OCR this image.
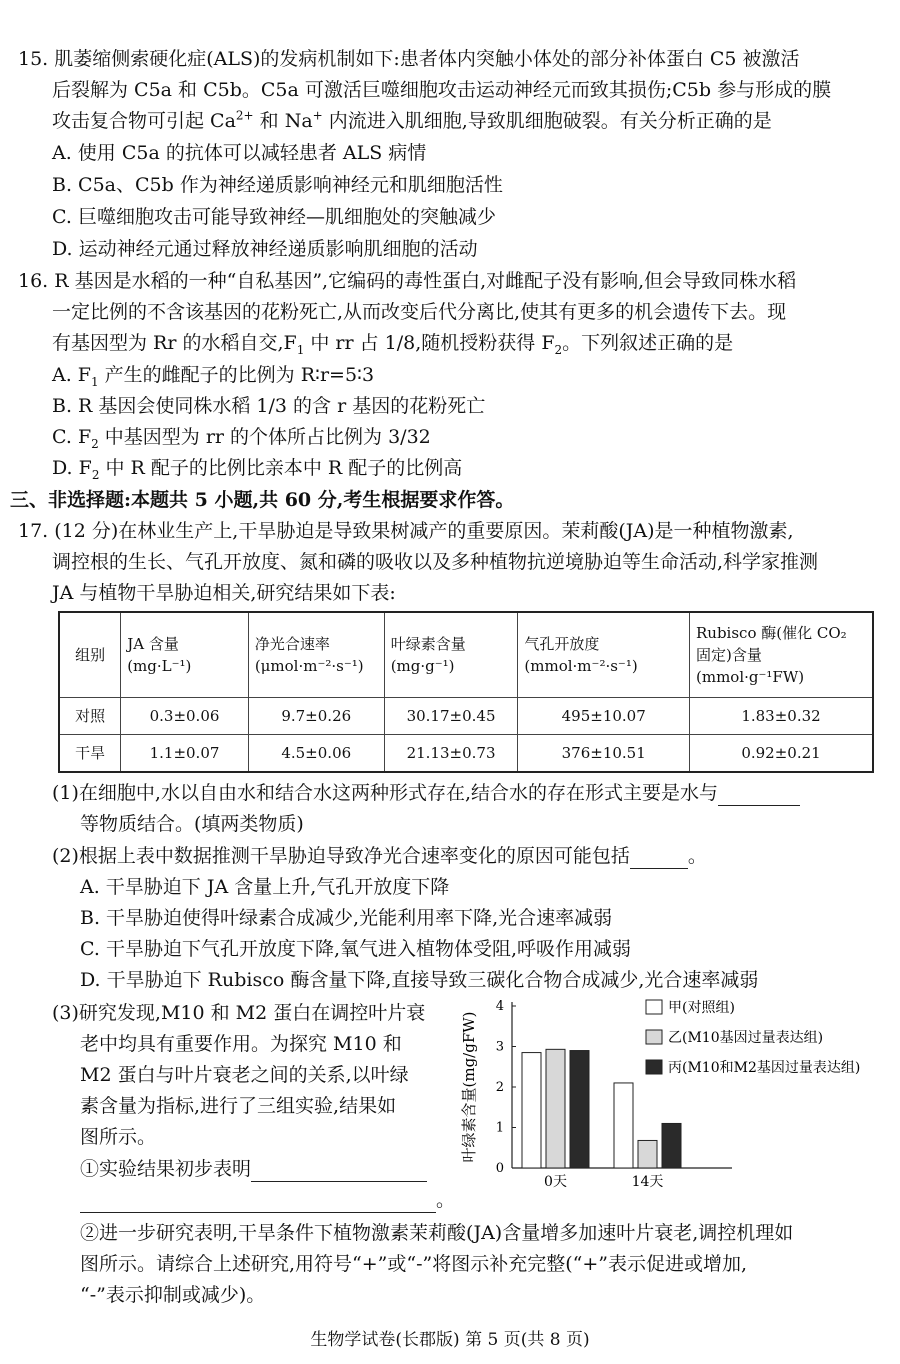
15. 肌萎缩侧索硬化症(ALS)的发病机制如下:患者体内突触小体处的部分补体蛋白 C5 被激活
后裂解为 C5a 和 C5b。C5a 可激活巨噬细胞攻击运动神经元而致其损伤;C5b 参与形成的膜
攻击复合物可引起 $Ca^{2+}$ 和 Na+ 内流进入肌细胞,导致肌细胞破裂。有关分析正确的是
A. 使用 C5a 的抗体可以减轻患者 ALS 病情
B. C5a、C5b 作为神经递质影响神经元和肌细胞活性
C. 巨噬细胞攻击可能导致神经—肌细胞处的突触减少
D. 运动神经元通过释放神经递质影响肌细胞的活动
16. R 基因是水稻的一种“自私基因”,它编码的毒性蛋白,对雌配子没有影响,但会导致同株水稻
一定比例的不含该基因的花粉死亡,从而改变后代分离比,使其有更多的机会遗传下去。现
有基因型为 Rr 的水稻自交$,F_1$ 中 rr 占 1/8,随机授粉获得 $F_2$。下列叙述正确的是
A. $F_1$ 产生的雌配子的比例为 R∶r=5∶3
B. R 基因会使同株水稻 1/3 的含 r 基因的花粉死亡
C. $F_2$ 中基因型为 rr 的个体所占比例为 3/32
D. $F_2$ 中 R 配子的比例比亲本中 R 配子的比例高
三、非选择题:本题共 5 小题,共 60 分,考生根据要求作答。
17. (12 分)在林业生产上,干旱胁迫是导致果树减产的重要原因。茉莉酸(JA)是一种植物激素,
调控根的生长、气孔开放度、氮和磷的吸收以及多种植物抗逆境胁迫等生命活动,科学家推测
JA 与植物干旱胁迫相关,研究结果如下表:
组别	JA 含量(mg·L⁻¹)	净光合速率(μmol·m⁻²·s⁻¹)	叶绿素含量(mg·g⁻¹)	气孔开放度(mmol·m⁻²·s⁻¹)	Rubisco 酶(催化 CO₂ 固定)含量(mmol·g⁻¹FW)
对照	0.3±0.06	9.7±0.26	30.17±0.45	495±10.07	1.83±0.32
干旱	1.1±0.07	4.5±0.06	21.13±0.73	376±10.51	0.92±0.21
(1)在细胞中,水以自由水和结合水这两种形式存在,结合水的存在形式主要是水与
等物质结合。(填两类物质)
(2)根据上表中数据推测干旱胁迫导致净光合速率变化的原因可能包括	。
A. 干旱胁迫下 JA 含量上升,气孔开放度下降
B. 干旱胁迫使得叶绿素合成减少,光能利用率下降,光合速率减弱
C. 干旱胁迫下气孔开放度下降,氧气进入植物体受阻,呼吸作用减弱
D. 干旱胁迫下 Rubisco 酶含量下降,直接导致三碳化合物合成减少,光合速率减弱
(3)研究发现,M10 和 M2 蛋白在调控叶片衰
老中均具有重要作用。为探究 M10 和
M2 蛋白与叶片衰老之间的关系,以叶绿
素含量为指标,进行了三组实验,结果如
图所示。
①实验结果初步表明
。
②进一步研究表明,干旱条件下植物激素茉莉酸(JA)含量增多加速叶片衰老,调控机理如
图所示。请综合上述研究,用符号“+”或“-”将图示补充完整(“+”表示促进或增加,
“-”表示抑制或减少)。
0
1
2
3
4
叶绿素含量(mg/gFW)
0天	14天
甲(对照组)
乙(M10基因过量表达组)
丙(M10和M2基因过量表达组)
生物学试卷(长郡版) 第 5 页(共 8 页)
